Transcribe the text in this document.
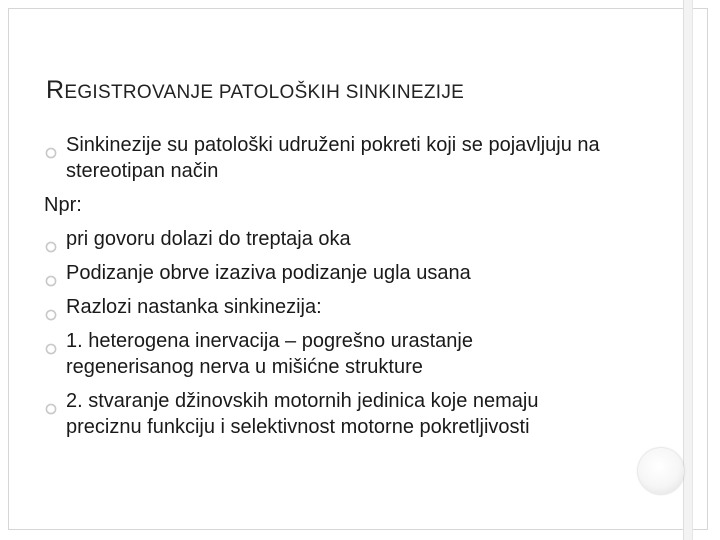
REGISTROVANJE PATOLOŠKIH SINKINEZIJE
Sinkinezije su patološki udruženi pokreti koji se pojavljuju na stereotipan način
Npr:
pri govoru dolazi do treptaja oka
Podizanje obrve izaziva podizanje ugla usana
Razlozi nastanka sinkinezija:
1. heterogena inervacija – pogrešno urastanje regenerisanog nerva u mišićne strukture
2. stvaranje džinovskih motornih jedinica koje nemaju preciznu funkciju i selektivnost motorne pokretljivosti
